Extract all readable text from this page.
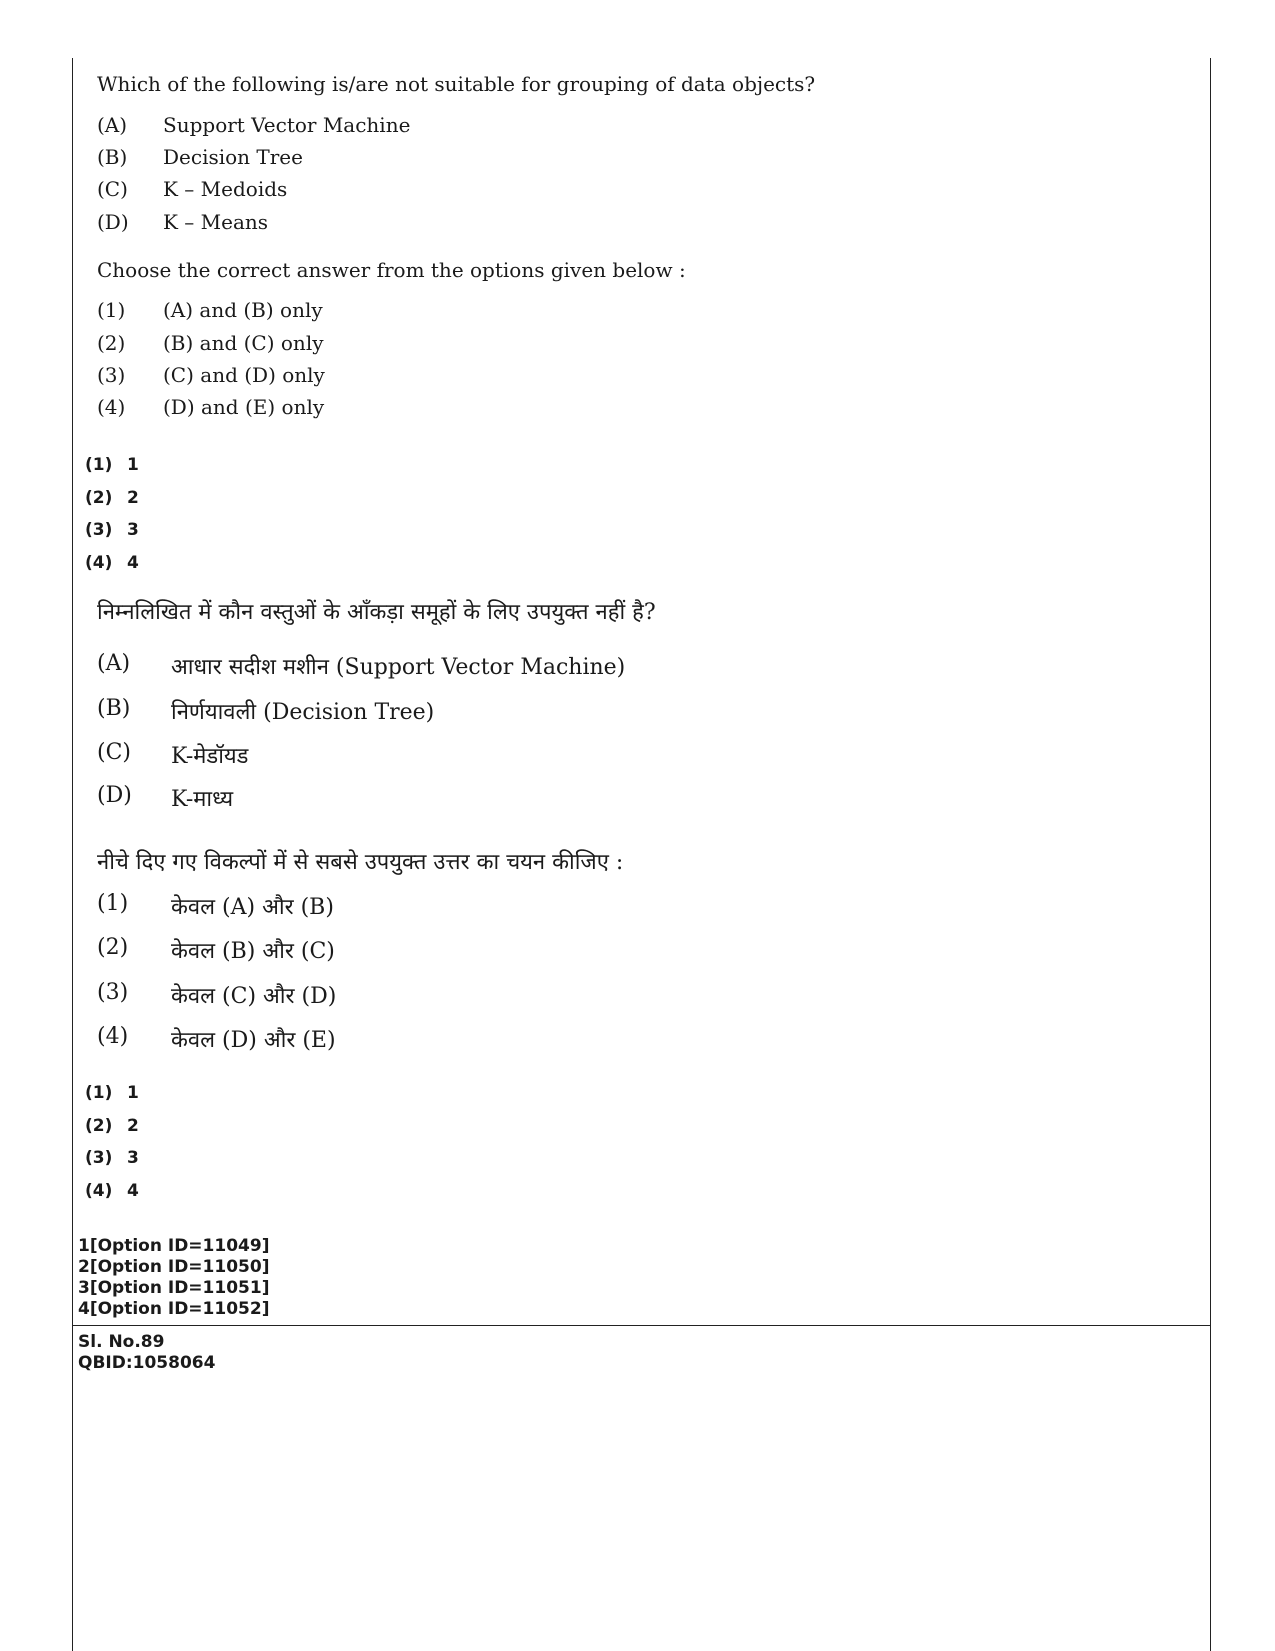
Which of the following is/are not suitable for grouping of data objects?
(A)	Support Vector Machine
(B)	Decision Tree
(C)	K – Medoids
(D)	K – Means
Choose the correct answer from the options given below :
(1)	(A) and (B) only
(2)	(B) and (C) only
(3)	(C) and (D) only
(4)	(D) and (E) only
(1) 1
(2) 2
(3) 3
(4) 4
निम्नलिखित में कौन वस्तुओं के आँकड़ा समूहों के लिए उपयुक्त नहीं है?
(A)	आधार सदीश मशीन (Support Vector Machine)
(B)	निर्णयावली (Decision Tree)
(C)	K-मेडॉयड
(D)	K-माध्य
नीचे दिए गए विकल्पों में से सबसे उपयुक्त उत्तर का चयन कीजिए :
(1)	केवल (A) और (B)
(2)	केवल (B) और (C)
(3)	केवल (C) और (D)
(4)	केवल (D) और (E)
(1) 1
(2) 2
(3) 3
(4) 4
1[Option ID=11049]
2[Option ID=11050]
3[Option ID=11051]
4[Option ID=11052]
Sl. No.89
QBID:1058064
